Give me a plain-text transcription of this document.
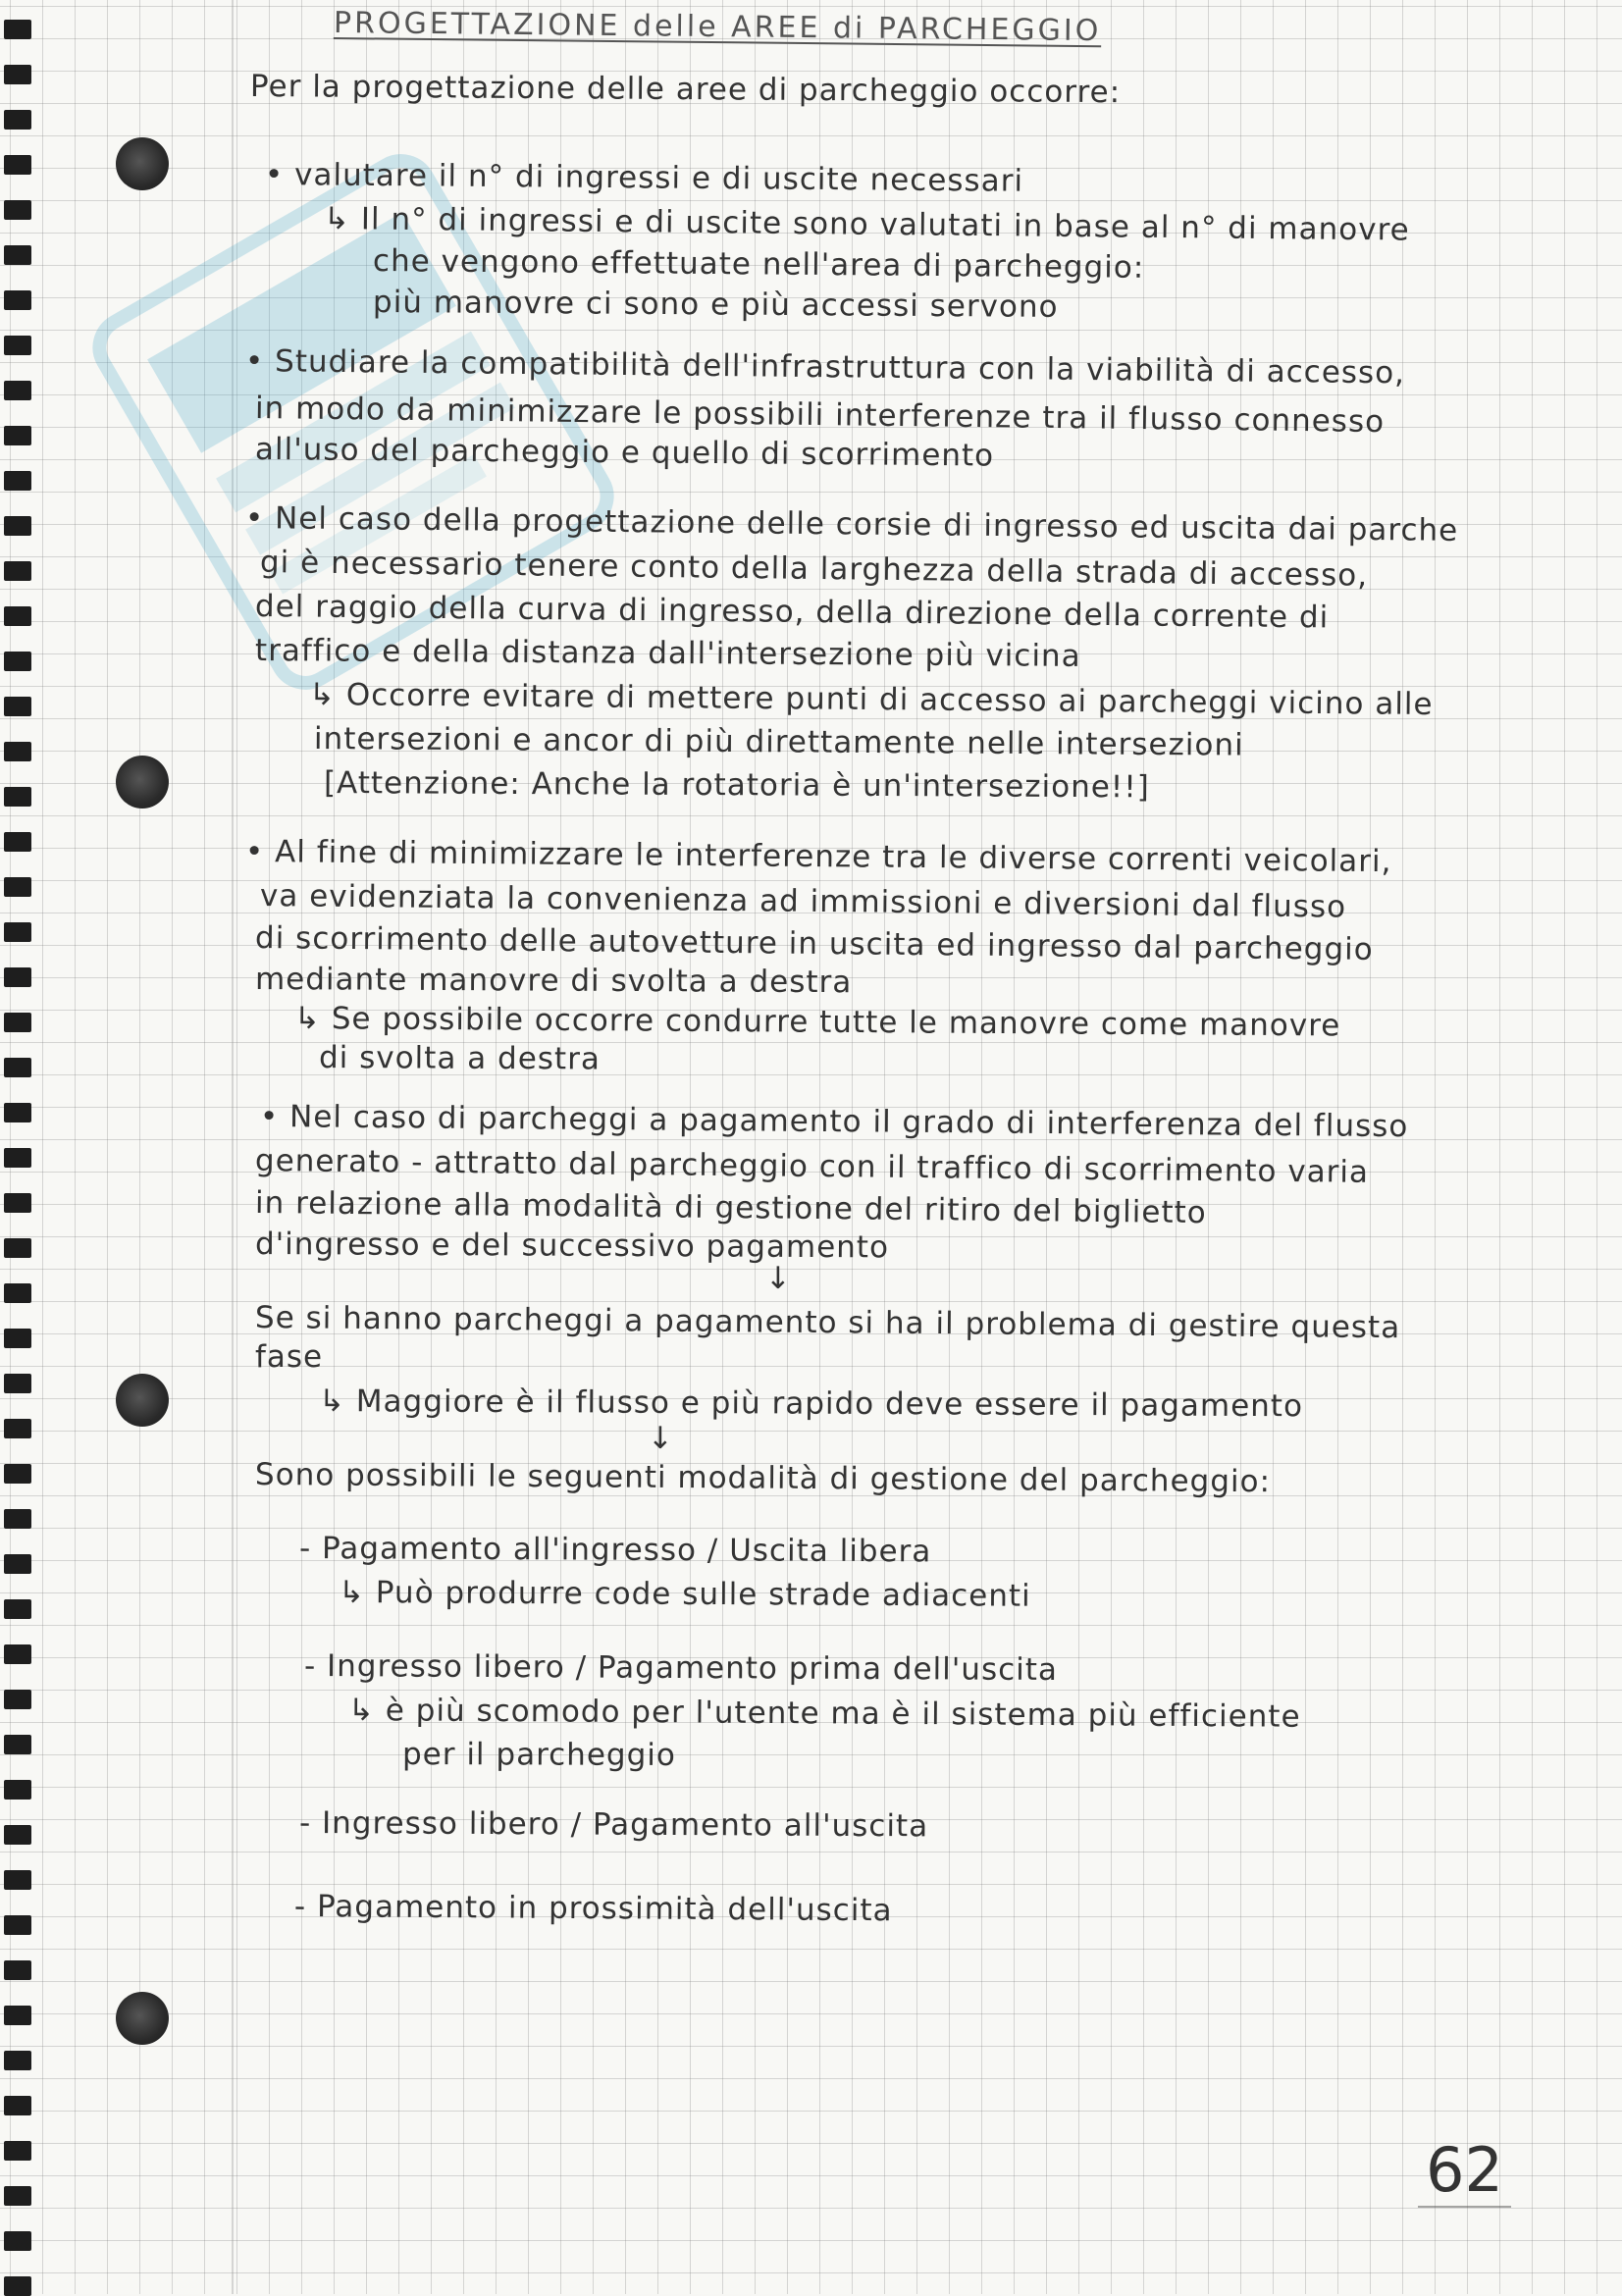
PROGETTAZIONE delle AREE di PARCHEGGIO
Per la progettazione delle aree di parcheggio occorre:
• valutare il n° di ingressi e di uscite necessari
↳ Il n° di ingressi e di uscite sono valutati in base al n° di manovre
che vengono effettuate nell'area di parcheggio:
più manovre ci sono e più accessi servono
• Studiare la compatibilità dell'infrastruttura con la viabilità di accesso,
in modo da minimizzare le possibili interferenze tra il flusso connesso
all'uso del parcheggio e quello di scorrimento
• Nel caso della progettazione delle corsie di ingresso ed uscita dai parche
gi è necessario tenere conto della larghezza della strada di accesso,
del raggio della curva di ingresso, della direzione della corrente di
traffico e della distanza dall'intersezione più vicina
↳ Occorre evitare di mettere punti di accesso ai parcheggi vicino alle
intersezioni e ancor di più direttamente nelle intersezioni
[Attenzione: Anche la rotatoria è un'intersezione!!]
• Al fine di minimizzare le interferenze tra le diverse correnti veicolari,
va evidenziata la convenienza ad immissioni e diversioni dal flusso
di scorrimento delle autovetture in uscita ed ingresso dal parcheggio
mediante manovre di svolta a destra
↳ Se possibile occorre condurre tutte le manovre come manovre
di svolta a destra
• Nel caso di parcheggi a pagamento il grado di interferenza del flusso
generato - attratto dal parcheggio con il traffico di scorrimento varia
in relazione alla modalità di gestione del ritiro del biglietto
d'ingresso e del successivo pagamento
↓
Se si hanno parcheggi a pagamento si ha il problema di gestire questa
fase
↳ Maggiore è il flusso e più rapido deve essere il pagamento
↓
Sono possibili le seguenti modalità di gestione del parcheggio:
- Pagamento all'ingresso / Uscita libera
↳ Può produrre code sulle strade adiacenti
- Ingresso libero / Pagamento prima dell'uscita
↳ è più scomodo per l'utente ma è il sistema più efficiente
per il parcheggio
- Ingresso libero / Pagamento all'uscita
- Pagamento in prossimità dell'uscita
62
